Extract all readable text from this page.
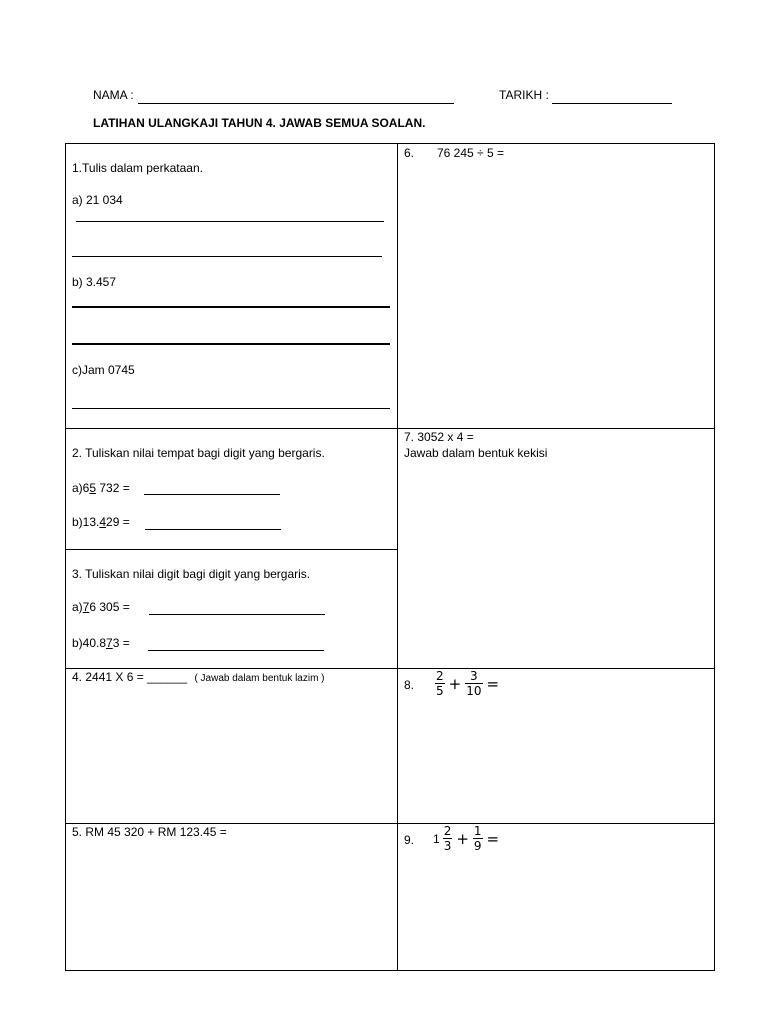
NAMA :	TARIKH :
LATIHAN ULANGKAJI TAHUN 4. JAWAB SEMUA SOALAN.
1.Tulis dalam perkataan.
a) 21 034
b) 3.457
c)Jam 0745
6. 76 245 ÷ 5 =
2. Tuliskan nilai tempat bagi digit yang bergaris.
a)65 732 =
b)13.429 =
3. Tuliskan nilai digit bagi digit yang bergaris.
a)76 305 =
b)40.873 =
7. 3052 x 4 =
Jawab dalam bentuk kekisi
4. 2441 X 6 = ______ ( Jawab dalam bentuk lazim )	8. $\frac{2}{5} + \frac{3}{10}$ =
5. RM 45 320 + RM 123.45 =
9. $1 \frac{2}{3} + \frac{1}{9}$ =
